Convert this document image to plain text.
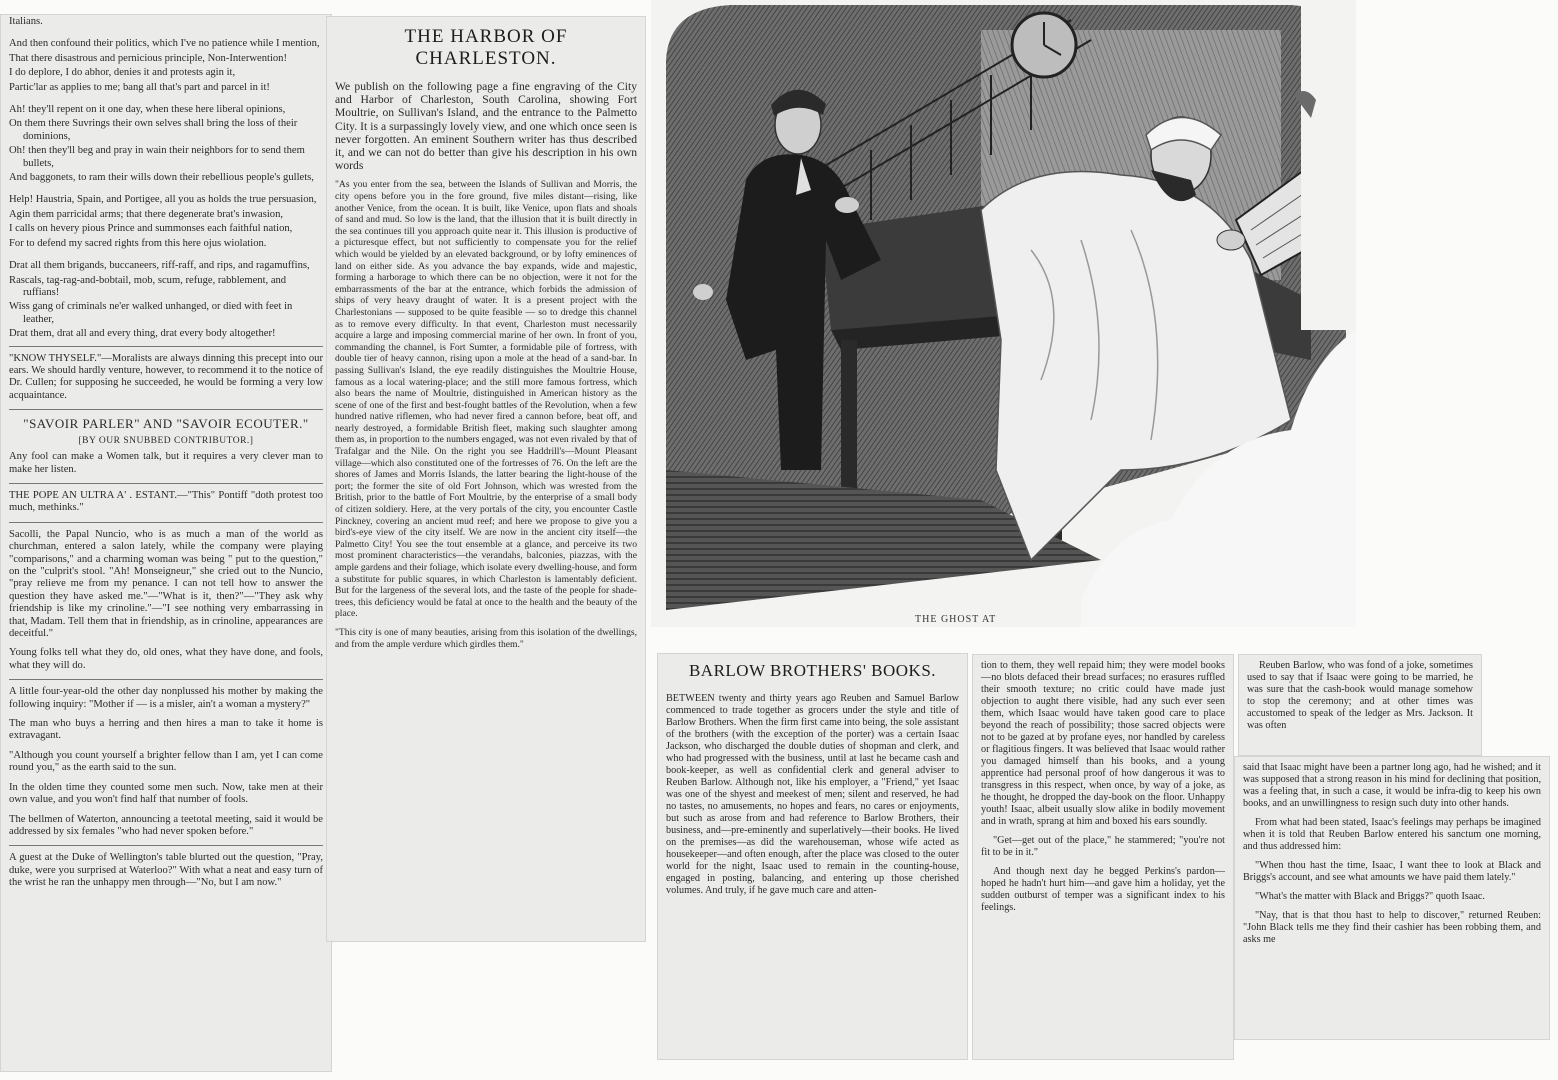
Italians.

And then confound their politics, which I've no patience while I mention,

That there disastrous and pernicious principle, Non-Interwention!

I do deplore, I do abhor, denies it and protests agin it,

Partic'lar as applies to me; bang all that's part and parcel in it!

Ah! they'll repent on it one day, when these here liberal opinions,

On them there Suvrings their own selves shall bring the loss of their dominions,

Oh! then they'll beg and pray in wain their neighbors for to send them bullets,

And baggonets, to ram their wills down their rebellious people's gullets,

Help! Haustria, Spain, and Portigee, all you as holds the true persuasion,

Agin them parricidal arms; that there degenerate brat's inwasion,

I calls on hevery pious Prince and summonses each faithful nation,

For to defend my sacred rights from this here ojus wiolation.

Drat all them brigands, buccaneers, riff-raff, and rips, and ragamuffins,

Rascals, tag-rag-and-bobtail, mob, scum, refuge, rabblement, and ruffians!

Wiss gang of criminals ne'er walked unhanged, or died with feet in leather,

Drat them, drat all and every thing, drat every body altogether!

"KNOW THYSELF."—Moralists are always dinning this precept into our ears. We should hardly venture, however, to recommend it to the notice of Dr. Cullen; for supposing he succeeded, he would be forming a very low acquaintance.

"SAVOIR PARLER" AND "SAVOIR ECOUTER."
[BY OUR SNUBBED CONTRIBUTOR.]

Any fool can make a Women talk, but it requires a very clever man to make her listen.

THE POPE AN ULTRA A' . ESTANT.—"This" Pontiff "doth protest too much, methinks."

Sacolli, the Papal Nuncio, who is as much a man of the world as churchman, entered a salon lately, while the company were playing "comparisons," and a charming woman was being " put to the question," on the "culprit's stool. "Ah! Monseigneur," she cried out to the Nuncio, "pray relieve me from my penance. I can not tell how to answer the question they have asked me."—"What is it, then?"—"They ask why friendship is like my crinoline."—"I see nothing very embarrassing in that, Madam. Tell them that in friendship, as in crinoline, appearances are deceitful."

Young folks tell what they do, old ones, what they have done, and fools, what they will do.

A little four-year-old the other day nonplussed his mother by making the following inquiry: "Mother if — is a misler, ain't a woman a mystery?"

The man who buys a herring and then hires a man to take it home is extravagant.

"Although you count yourself a brighter fellow than I am, yet I can come round you," as the earth said to the sun.

In the olden time they counted some men such. Now, take men at their own value, and you won't find half that number of fools.

The bellmen of Waterton, announcing a teetotal meeting, said it would be addressed by six females "who had never spoken before."

A guest at the Duke of Wellington's table blurted out the question, "Pray, duke, were you surprised at Waterloo?" With what a neat and easy turn of the wrist he ran the unhappy men through—"No, but I am now."

THE HARBOR OF CHARLESTON.

We publish on the following page a fine engraving of the City and Harbor of Charleston, South Carolina, showing Fort Moultrie, on Sullivan's Island, and the entrance to the Palmetto City. It is a surpassingly lovely view, and one which once seen is never forgotten. An eminent Southern writer has thus described it, and we can not do better than give his description in his own words

"As you enter from the sea, between the Islands of Sullivan and Morris, the city opens before you in the fore ground, five miles distant—rising, like another Venice, from the ocean. It is built, like Venice, upon flats and shoals of sand and mud. So low is the land, that the illusion that it is built directly in the sea continues till you approach quite near it. This illusion is productive of a picturesque effect, but not sufficiently to compensate you for the relief which would be yielded by an elevated background, or by lofty eminences of land on either side. As you advance the bay expands, wide and majestic, forming a harborage to which there can be no objection, were it not for the embarrassments of the bar at the entrance, which forbids the admission of ships of very heavy draught of water. It is a present project with the Charlestonians — supposed to be quite feasible — so to dredge this channel as to remove every difficulty. In that event, Charleston must necessarily acquire a large and imposing commercial marine of her own. In front of you, commanding the channel, is Fort Sumter, a formidable pile of fortress, with double tier of heavy cannon, rising upon a mole at the head of a sand-bar. In passing Sullivan's Island, the eye readily distinguishes the Moultrie House, famous as a local watering-place; and the still more famous fortress, which also bears the name of Moultrie, distinguished in American history as the scene of one of the first and best-fought battles of the Revolution, when a few hundred native riflemen, who had never fired a cannon before, beat off, and nearly destroyed, a formidable British fleet, making such slaughter among them as, in proportion to the numbers engaged, was not even rivaled by that of Trafalgar and the Nile. On the right you see Haddrill's—Mount Pleasant village—which also constituted one of the fortresses of 76. On the left are the shores of James and Morris Islands, the latter bearing the light-house of the port; the former the site of old Fort Johnson, which was wrested from the British, prior to the battle of Fort Moultrie, by the enterprise of a small body of citizen soldiery. Here, at the very portals of the city, you encounter Castle Pinckney, covering an ancient mud reef; and here we propose to give you a bird's-eye view of the city itself. We are now in the ancient city itself—the Palmetto City! You see the tout ensemble at a glance, and perceive its two most prominent characteristics—the verandahs, balconies, piazzas, with the ample gardens and their foliage, which isolate every dwelling-house, and form a substitute for public squares, in which Charleston is lamentably deficient. But for the largeness of the several lots, and the taste of the people for shade-trees, this deficiency would be fatal at once to the health and the beauty of the place.

"This city is one of many beauties, arising from this isolation of the dwellings, and from the ample verdure which girdles them."

THE GHOST AT
BARLOW BROTHERS' BOOKS.

BETWEEN twenty and thirty years ago Reuben and Samuel Barlow commenced to trade together as grocers under the style and title of Barlow Brothers. When the firm first came into being, the sole assistant of the brothers (with the exception of the porter) was a certain Isaac Jackson, who discharged the double duties of shopman and clerk, and who had progressed with the business, until at last he became cash and book-keeper, as well as confidential clerk and general adviser to Reuben Barlow. Although not, like his employer, a "Friend," yet Isaac was one of the shyest and meekest of men; silent and reserved, he had no tastes, no amusements, no hopes and fears, no cares or enjoyments, but such as arose from and had reference to Barlow Brothers, their business, and—pre-eminently and superlatively—their books. He lived on the premises—as did the warehouseman, whose wife acted as housekeeper—and often enough, after the place was closed to the outer world for the night, Isaac used to remain in the counting-house, engaged in posting, balancing, and entering up those cherished volumes. And truly, if he gave much care and atten-

tion to them, they well repaid him; they were model books—no blots defaced their bread surfaces; no erasures ruffled their smooth texture; no critic could have made just objection to aught there visible, had any such ever seen them, which Isaac would have taken good care to place beyond the reach of possibility; those sacred objects were not to be gazed at by profane eyes, nor handled by careless or flagitious fingers. It was believed that Isaac would rather you damaged himself than his books, and a young apprentice had personal proof of how dangerous it was to transgress in this respect, when once, by way of a joke, as he thought, he dropped the day-book on the floor. Unhappy youth! Isaac, albeit usually slow alike in bodily movement and in wrath, sprang at him and boxed his ears soundly.

"Get—get out of the place," he stammered; "you're not fit to be in it."

And though next day he begged Perkins's pardon—hoped he hadn't hurt him—and gave him a holiday, yet the sudden outburst of temper was a significant index to his feelings.

Reuben Barlow, who was fond of a joke, sometimes used to say that if Isaac were going to be married, he was sure that the cash-book would manage somehow to stop the ceremony; and at other times was accustomed to speak of the ledger as Mrs. Jackson. It was often

said that Isaac might have been a partner long ago, had he wished; and it was supposed that a strong reason in his mind for declining that position, was a feeling that, in such a case, it would be infra-dig to keep his own books, and an unwillingness to resign such duty into other hands.

From what had been stated, Isaac's feelings may perhaps be imagined when it is told that Reuben Barlow entered his sanctum one morning, and thus addressed him:

"When thou hast the time, Isaac, I want thee to look at Black and Briggs's account, and see what amounts we have paid them lately."

"What's the matter with Black and Briggs?" quoth Isaac.

"Nay, that is that thou hast to help to discover," returned Reuben: "John Black tells me they find their cashier has been robbing them, and asks me
